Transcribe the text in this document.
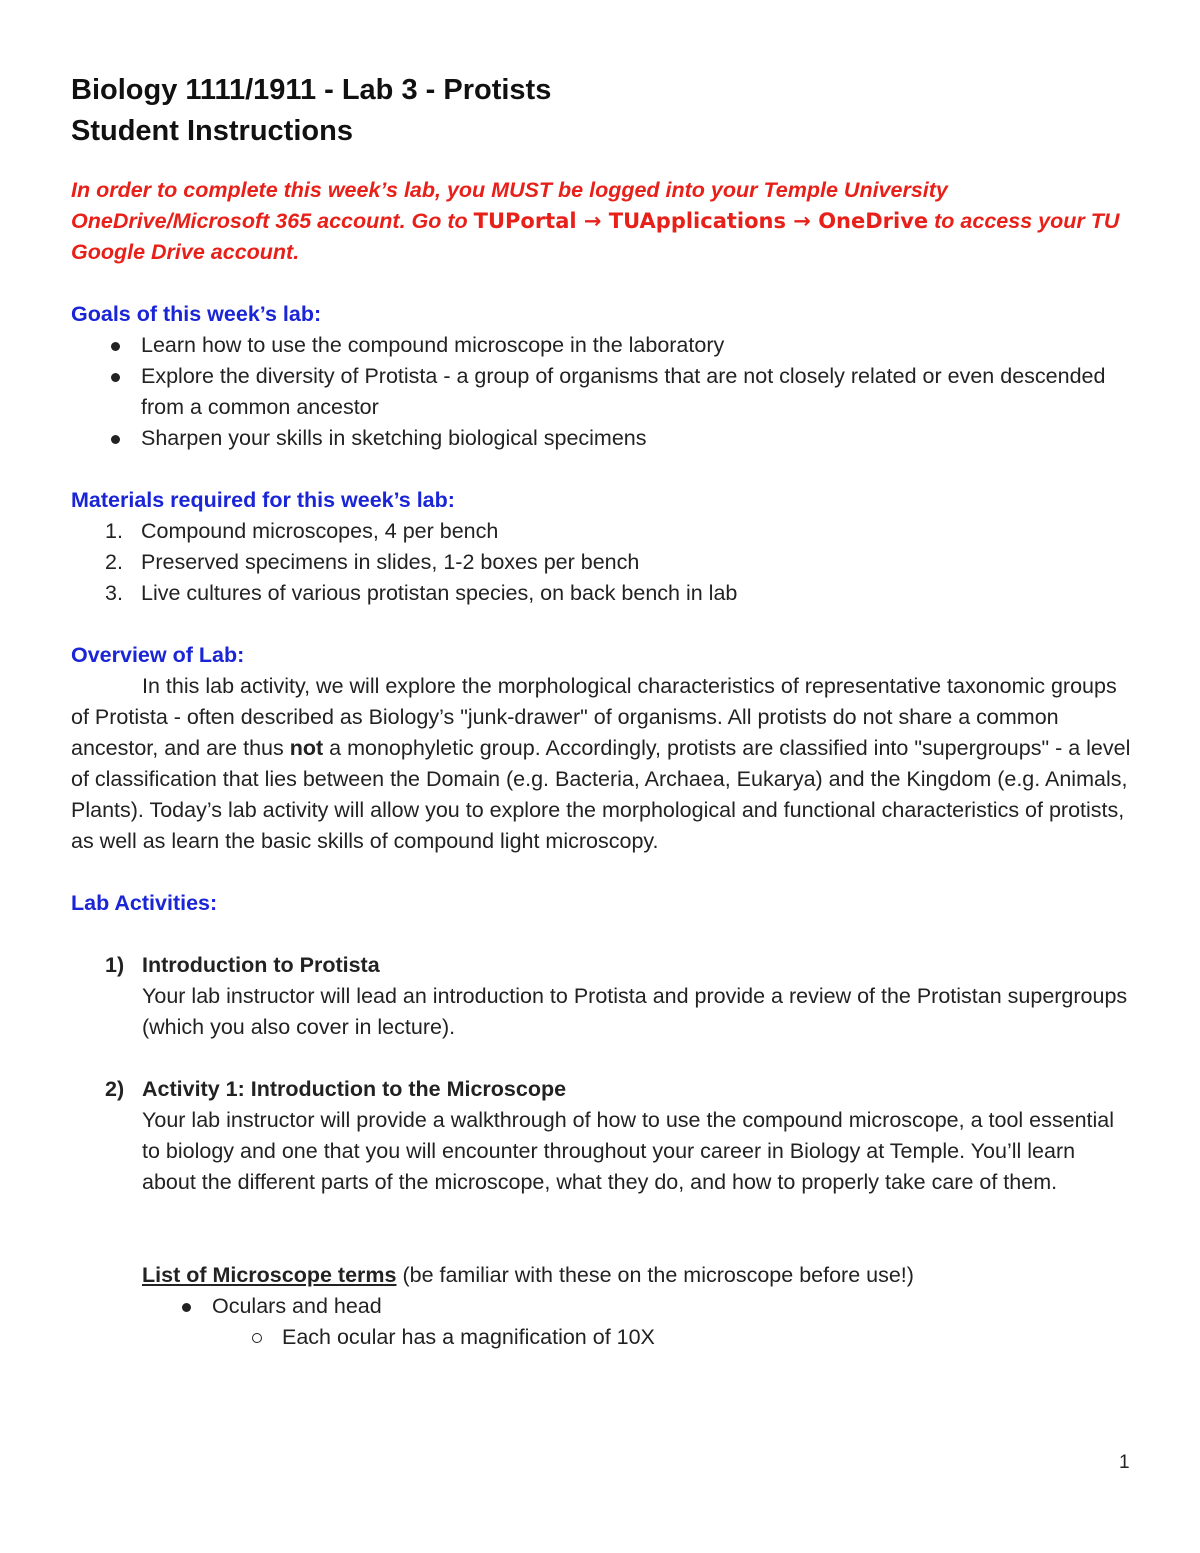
Biology 1111/1911 - Lab 3 - Protists
Student Instructions
In order to complete this week’s lab, you MUST be logged into your Temple University OneDrive/Microsoft 365 account. Go to TUPortal → TUApplications → OneDrive to access your TU Google Drive account.
Goals of this week’s lab:
Learn how to use the compound microscope in the laboratory
Explore the diversity of Protista - a group of organisms that are not closely related or even descended from a common ancestor
Sharpen your skills in sketching biological specimens
Materials required for this week’s lab:
1. Compound microscopes, 4 per bench
2. Preserved specimens in slides, 1-2 boxes per bench
3. Live cultures of various protistan species, on back bench in lab
Overview of Lab:
In this lab activity, we will explore the morphological characteristics of representative taxonomic groups of Protista - often described as Biology’s "junk-drawer" of organisms. All protists do not share a common ancestor, and are thus not a monophyletic group. Accordingly, protists are classified into "supergroups" - a level of classification that lies between the Domain (e.g. Bacteria, Archaea, Eukarya) and the Kingdom (e.g. Animals, Plants). Today’s lab activity will allow you to explore the morphological and functional characteristics of protists, as well as learn the basic skills of compound light microscopy.
Lab Activities:
1) Introduction to Protista
Your lab instructor will lead an introduction to Protista and provide a review of the Protistan supergroups (which you also cover in lecture).
2) Activity 1: Introduction to the Microscope
Your lab instructor will provide a walkthrough of how to use the compound microscope, a tool essential to biology and one that you will encounter throughout your career in Biology at Temple. You’ll learn about the different parts of the microscope, what they do, and how to properly take care of them.
List of Microscope terms (be familiar with these on the microscope before use!)
Oculars and head
Each ocular has a magnification of 10X
1
